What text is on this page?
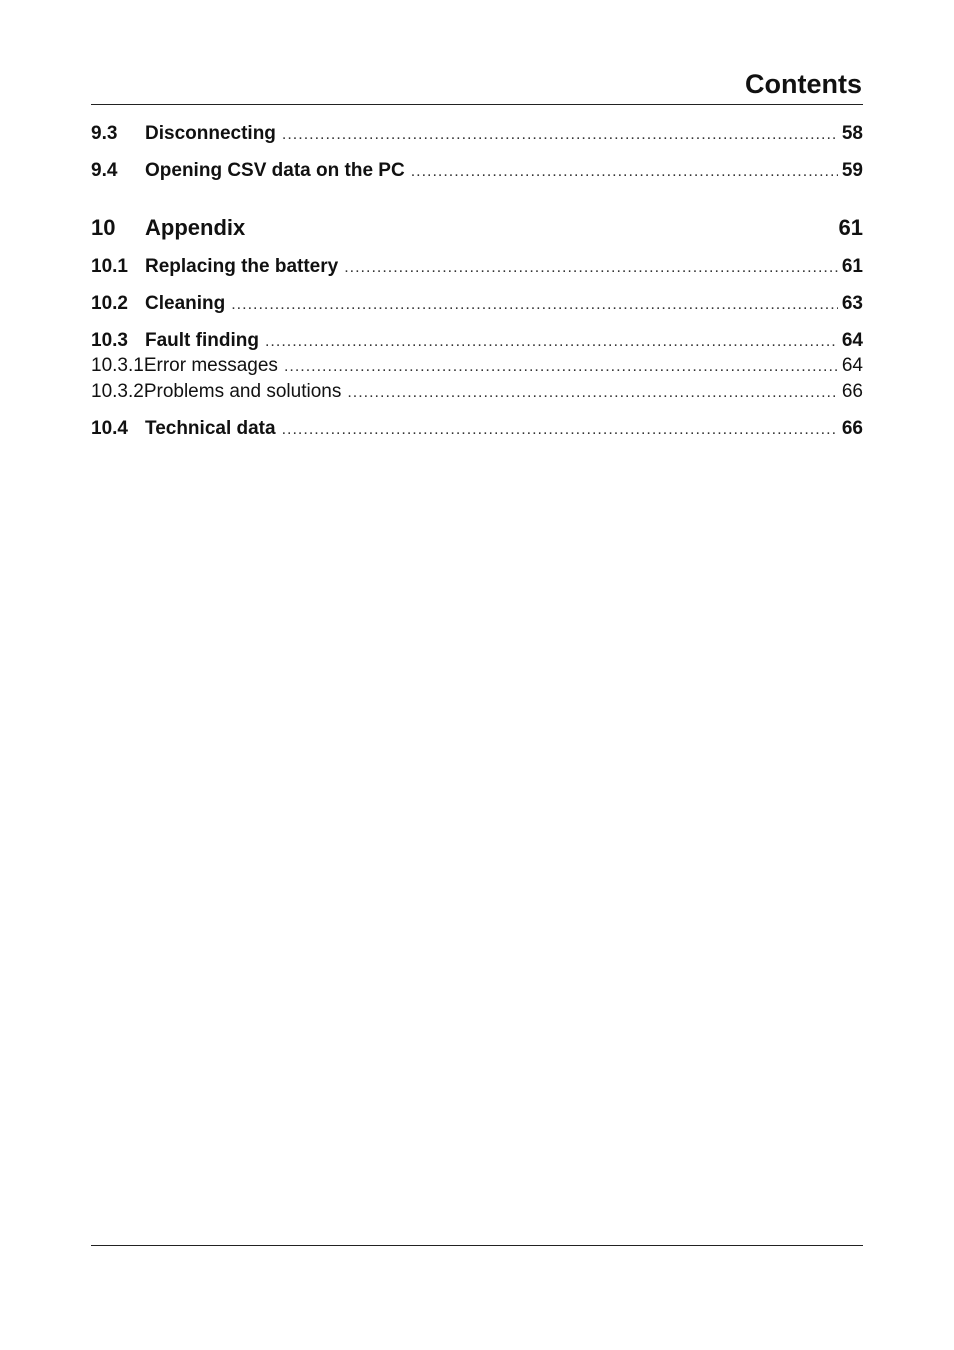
Contents
9.3	Disconnecting .....	58
9.4	Opening CSV data on the PC .....	59
10	Appendix	61
10.1 Replacing the battery .....	61
10.2 Cleaning .....	63
10.3 Fault finding .....	64
10.3.1 Error messages .....	64
10.3.2 Problems and solutions .....	66
10.4 Technical data .....	66
